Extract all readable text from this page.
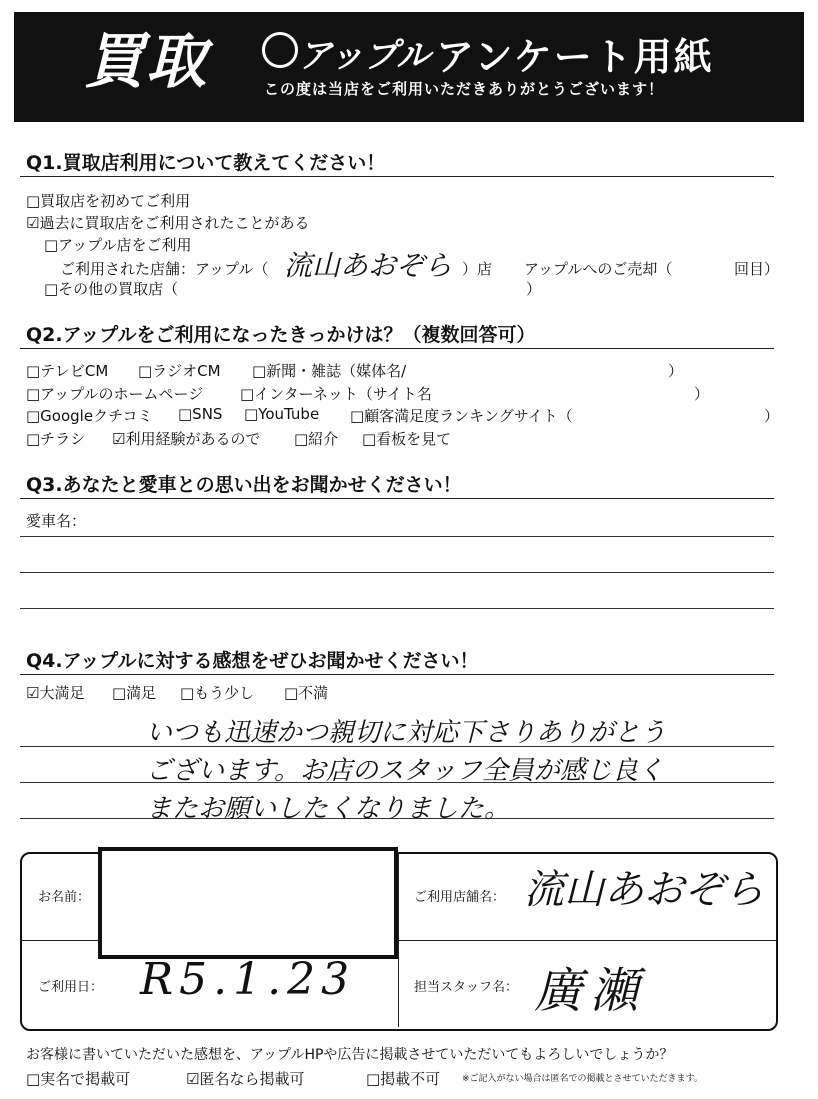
買取	アップル アンケート用紙
この度は当店をご利用いただきありがとうございます！
Q1.買取店利用について教えてください！
□買取店を初めてご利用
☑過去に買取店をご利用されたことがある
□アップル店をご利用
ご利用された店舗：アップル（ 流山あおぞら ）店 アップルへのご売却（	回目）
□その他の買取店（	）
Q2.アップルをご利用になったきっかけは？（複数回答可）
□テレビCM □ラジオCM □新聞・雑誌（媒体名/	）
□アップルのホームページ □インターネット（サイト名	）
□Googleクチコミ □SNS □YouTube □顧客満足度ランキングサイト（	）
□チラシ ☑利用経験があるので □紹介 □看板を見て
Q3.あなたと愛車との思い出をお聞かせください！
愛車名：
Q4.アップルに対する感想をぜひお聞かせください！
☑大満足 □満足 □もう少し □不満
いつも迅速かつ親切に対応下さりありがとう
ございます。お店のスタッフ全員が感じ良く
またお願いしたくなりました。
お名前：	ご利用店舗名： 流山あおぞら
ご利用日： R5.1.23	担当スタッフ名： 廣瀬
お客様に書いていただいた感想を、アップルHPや広告に掲載させていただいてもよろしいでしょうか？
□実名で掲載可	☑匿名なら掲載可	□掲載不可 ※ご記入がない場合は匿名での掲載とさせていただきます。
